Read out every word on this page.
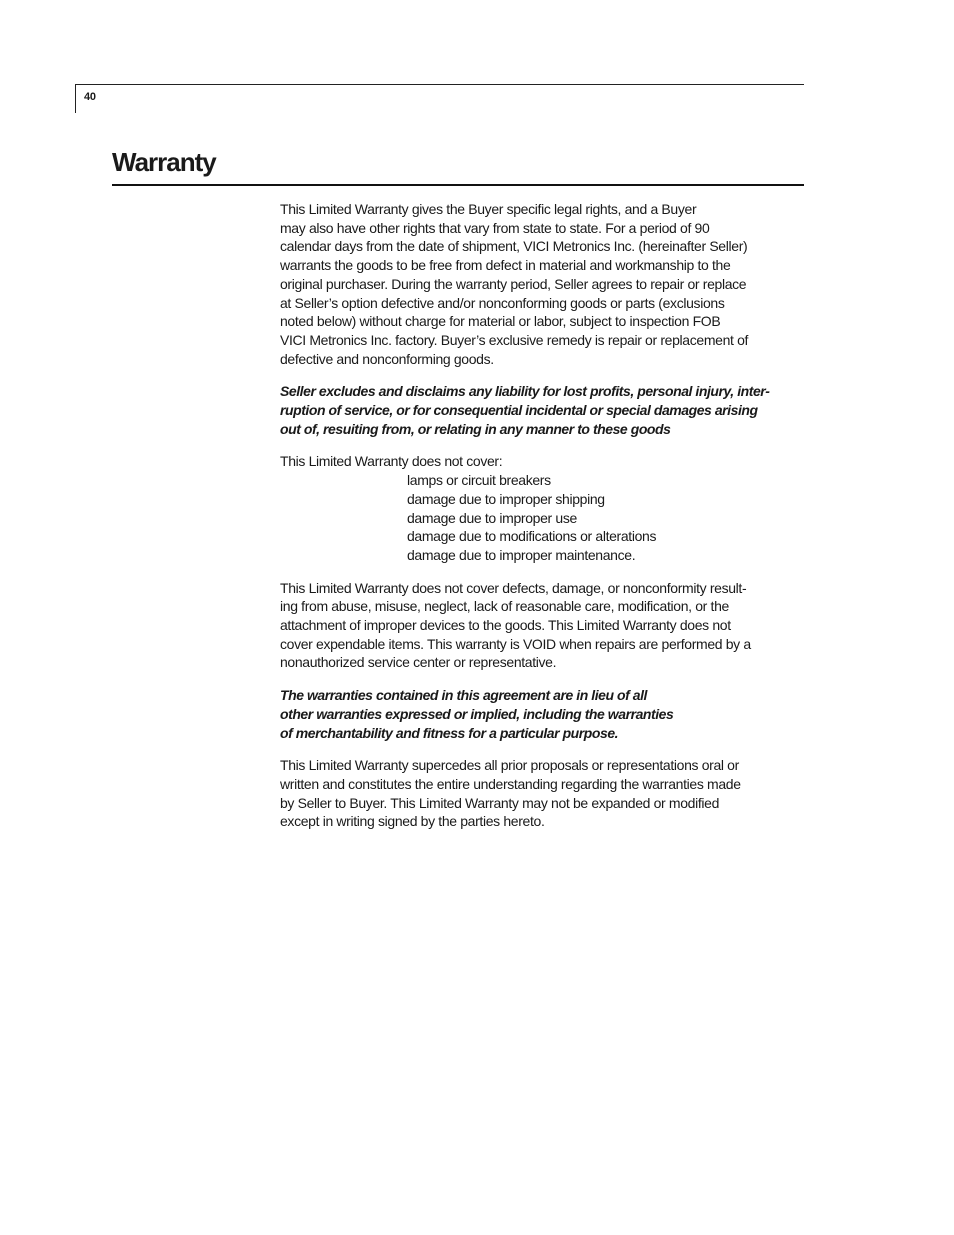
40
Warranty

This Limited Warranty gives the Buyer specific legal rights, and a Buyer
may also have other rights that vary from state to state. For a period of 90
calendar days from the date of shipment, VICI Metronics Inc. (hereinafter Seller)
warrants the goods to be free from defect in material and workmanship to the
original purchaser. During the warranty period, Seller agrees to repair or replace
at Seller’s option defective and/or nonconforming goods or parts (exclusions
noted below) without charge for material or labor, subject to inspection FOB
VICI Metronics Inc. factory. Buyer’s exclusive remedy is repair or replacement of
defective and nonconforming goods.

Seller excludes and disclaims any liability for lost profits, personal injury, inter-
ruption of service, or for consequential incidental or special damages arising
out of, resuiting from, or relating in any manner to these goods

This Limited Warranty does not cover:
lamps or circuit breakers
damage due to improper shipping
damage due to improper use
damage due to modifications or alterations
damage due to improper maintenance.

This Limited Warranty does not cover defects, damage, or nonconformity result-
ing from abuse, misuse, neglect, lack of reasonable care, modification, or the
attachment of improper devices to the goods. This Limited Warranty does not
cover expendable items. This warranty is VOID when repairs are performed by a
nonauthorized service center or representative.

The warranties contained in this agreement are in lieu of all
other warranties expressed or implied, including the warranties
of merchantability and fitness for a particular purpose.

This Limited Warranty supercedes all prior proposals or representations oral or
written and constitutes the entire understanding regarding the warranties made
by Seller to Buyer. This Limited Warranty may not be expanded or modified
except in writing signed by the parties hereto.
